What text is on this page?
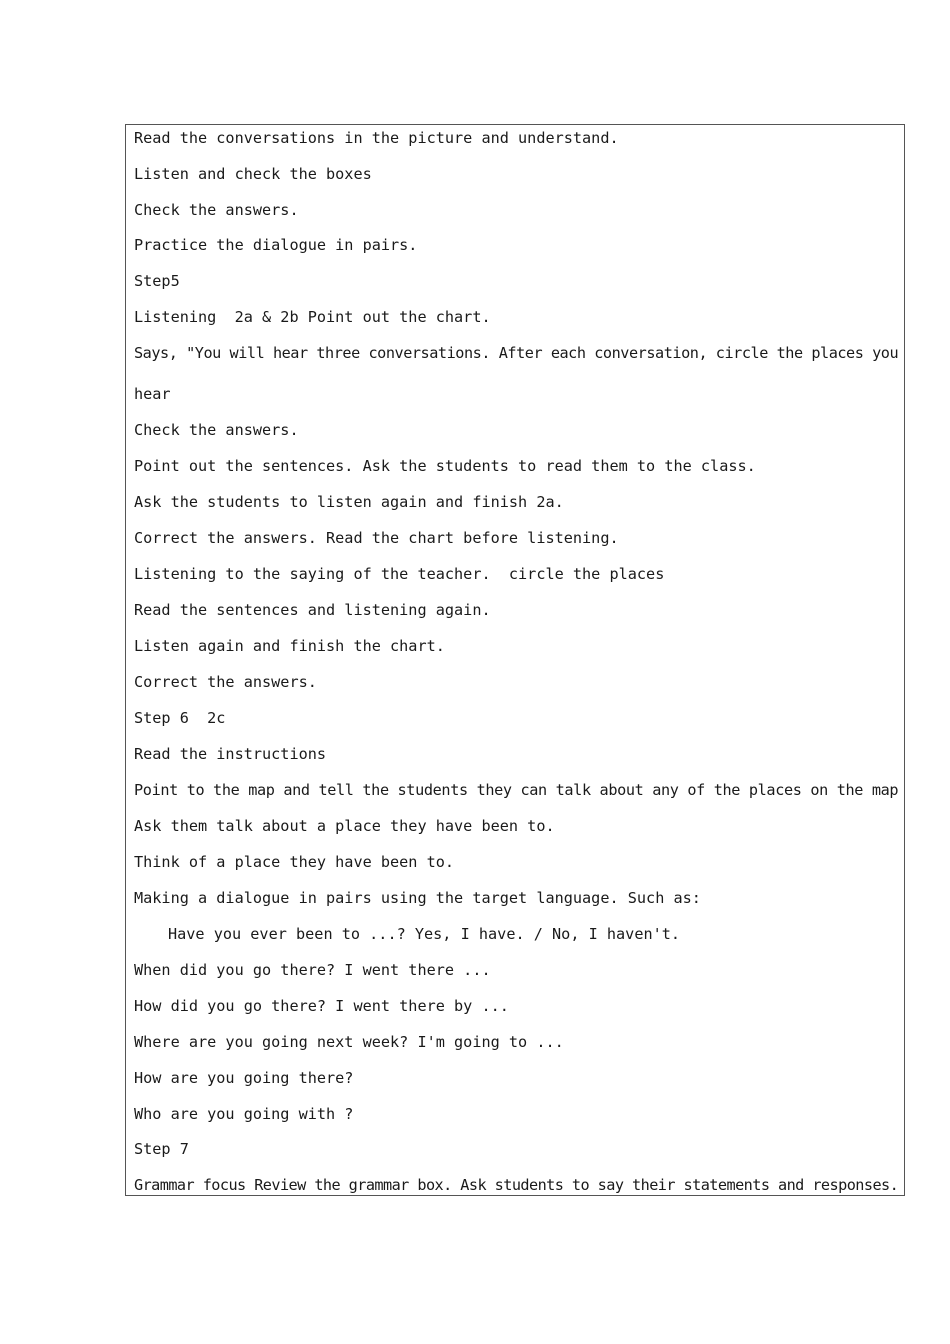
Read the conversations in the picture and understand.
Listen and check the boxes
Check the answers.
Practice the dialogue in pairs.
Step5
Listening  2a & 2b Point out the chart.
Says, "You will hear three conversations. After each conversation, circle the places you
hear
Check the answers.
Point out the sentences. Ask the students to read them to the class.
Ask the students to listen again and finish 2a.
Correct the answers. Read the chart before listening.
Listening to the saying of the teacher.  circle the places
Read the sentences and listening again.
Listen again and finish the chart.
Correct the answers.
Step 6  2c
Read the instructions
Point to the map and tell the students they can talk about any of the places on the map
Ask them talk about a place they have been to.
Think of a place they have been to.
Making a dialogue in pairs using the target language. Such as:
Have you ever been to ...? Yes, I have. / No, I haven't.
When did you go there? I went there ...
How did you go there? I went there by ...
Where are you going next week? I'm going to ...
How are you going there?
Who are you going with ?
Step 7
Grammar focus Review the grammar box. Ask students to say their statements and responses.
